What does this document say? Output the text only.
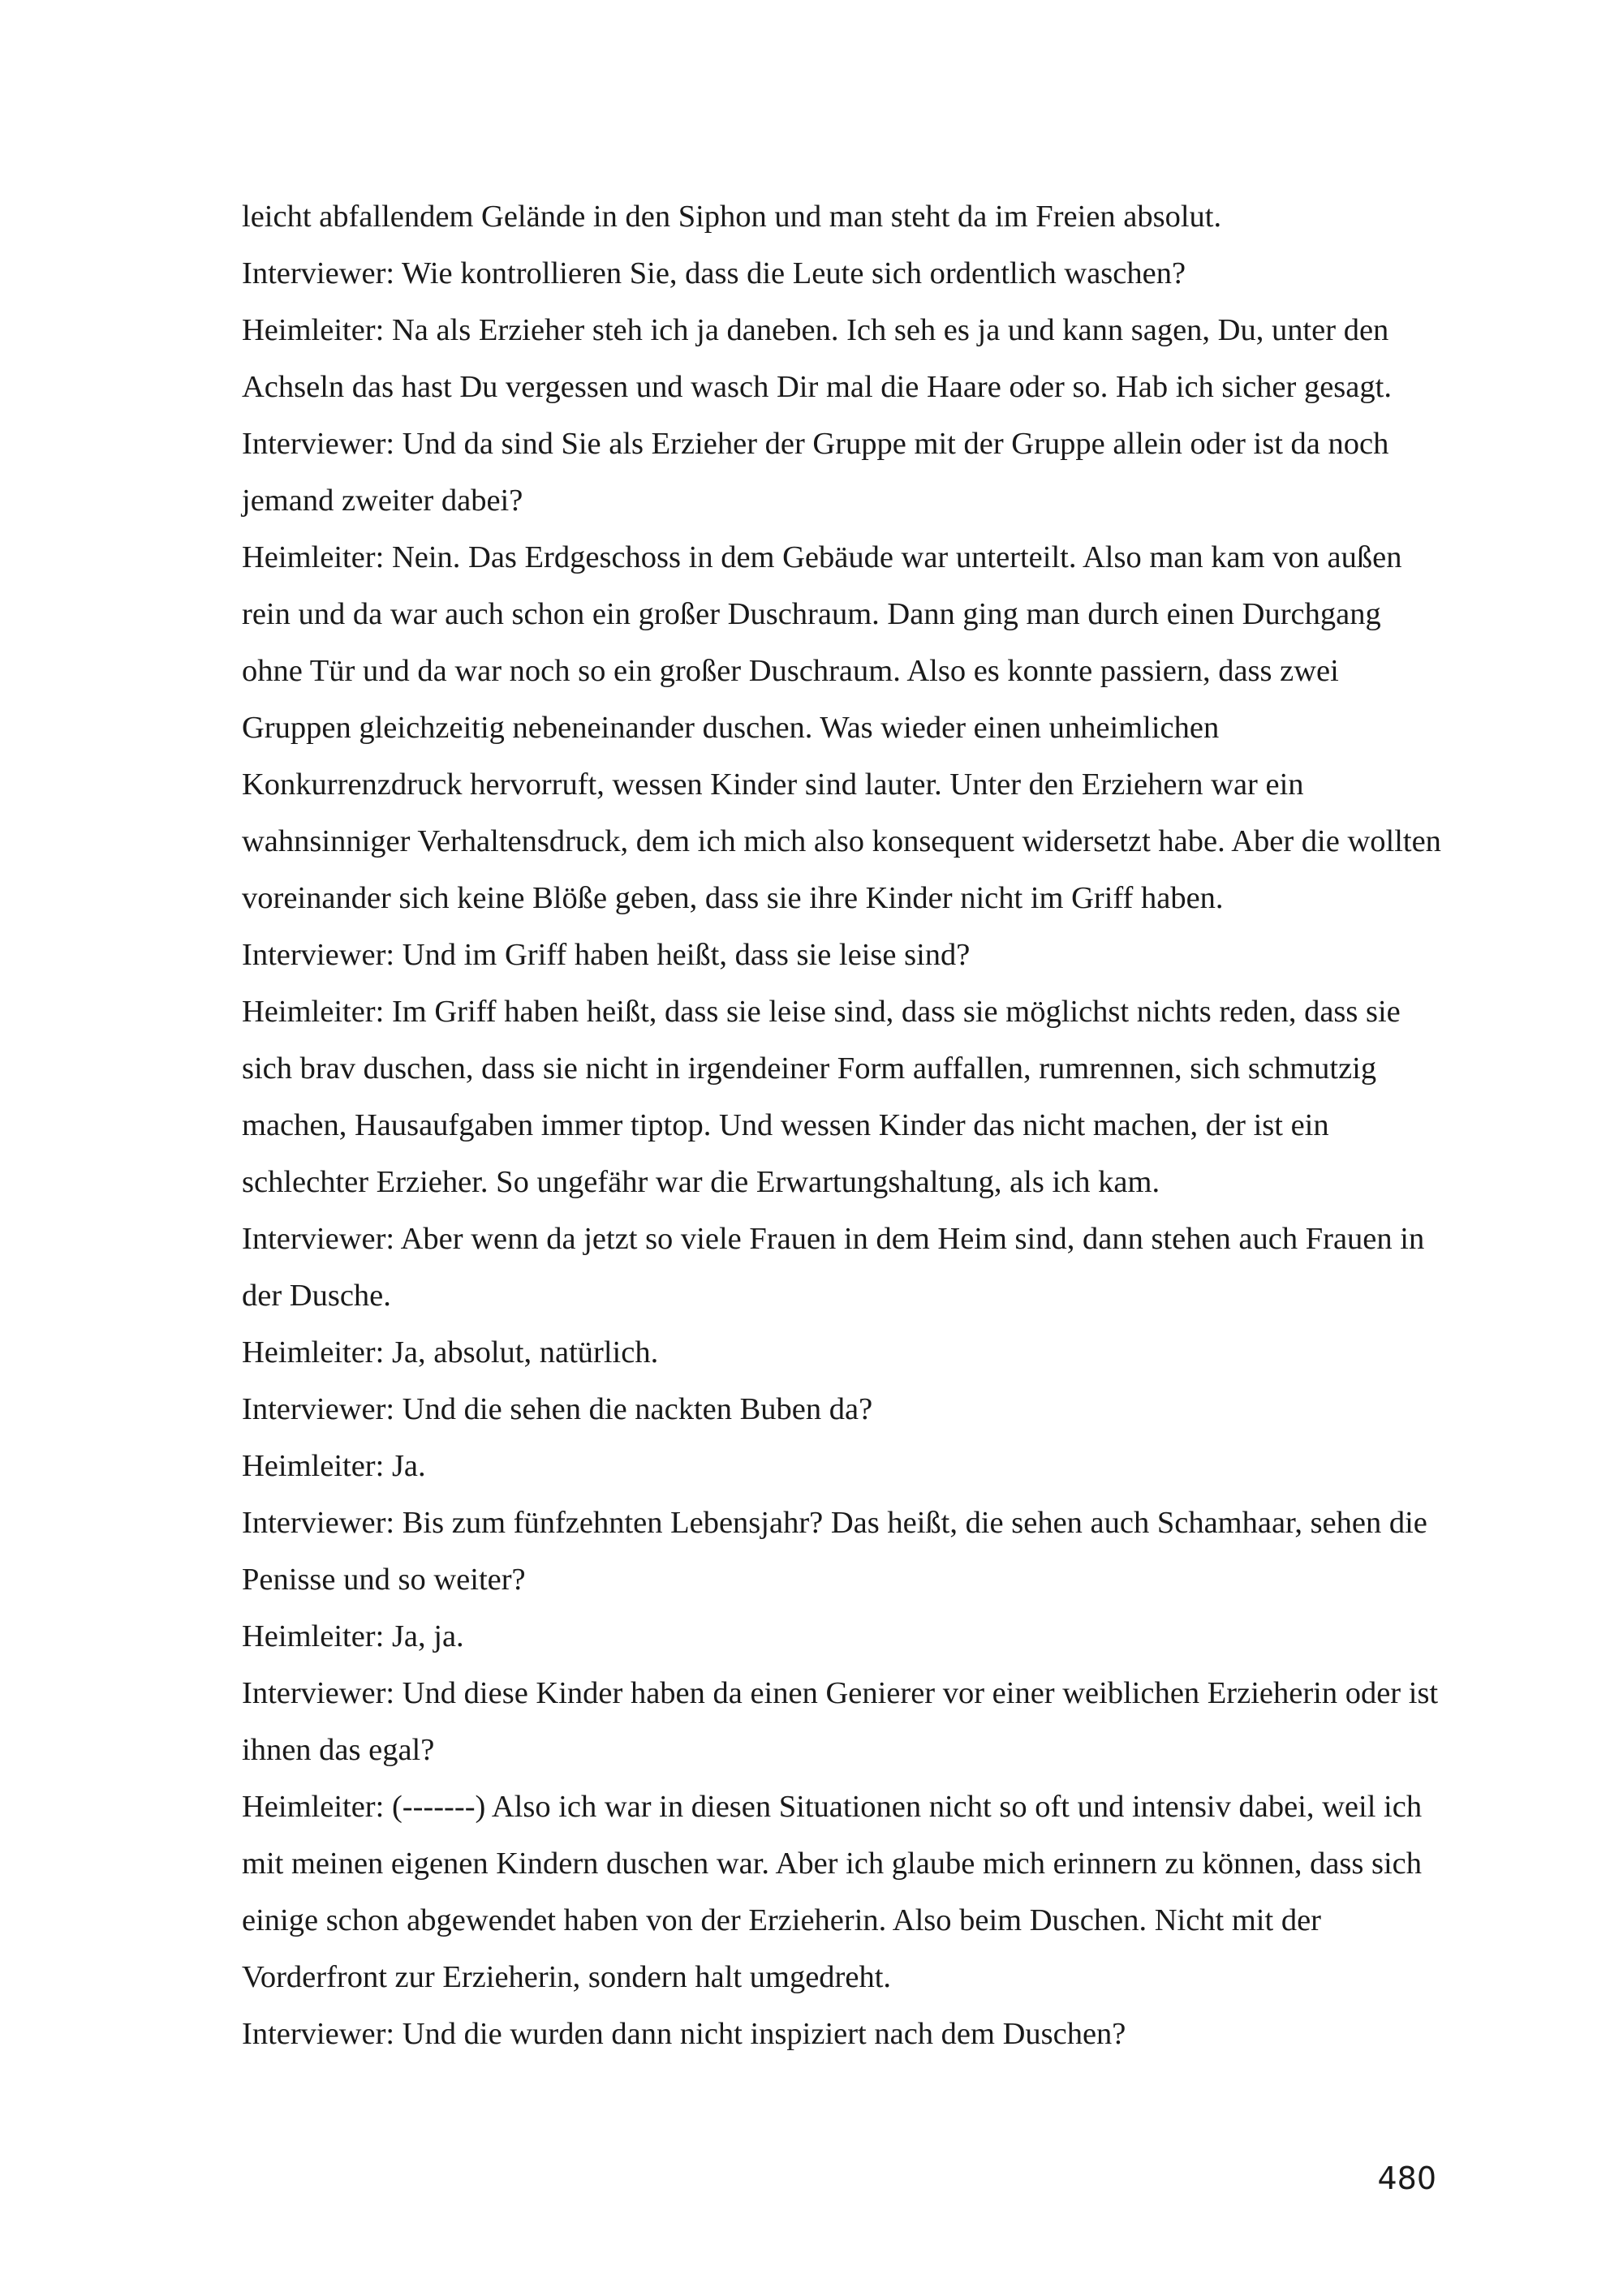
leicht abfallendem Gelände in den Siphon und man steht da im Freien absolut.

Interviewer: Wie kontrollieren Sie, dass die Leute sich ordentlich waschen?

Heimleiter: Na als Erzieher steh ich ja daneben. Ich seh es ja und kann sagen, Du, unter den Achseln das hast Du vergessen und wasch Dir mal die Haare oder so. Hab ich sicher gesagt.

Interviewer: Und da sind Sie als Erzieher der Gruppe mit der Gruppe allein oder ist da noch jemand zweiter dabei?

Heimleiter: Nein. Das Erdgeschoss in dem Gebäude war unterteilt. Also man kam von außen rein und da war auch schon ein großer Duschraum. Dann ging man durch einen Durchgang ohne Tür und da war noch so ein großer Duschraum. Also es konnte passiern, dass zwei Gruppen gleichzeitig nebeneinander duschen. Was wieder einen unheimlichen Konkurrenzdruck hervorruft, wessen Kinder sind lauter. Unter den Erziehern war ein wahnsinniger Verhaltensdruck, dem ich mich also konsequent widersetzt habe. Aber die wollten voreinander sich keine Blöße geben, dass sie ihre Kinder nicht im Griff haben.

Interviewer: Und im Griff haben heißt, dass sie leise sind?

Heimleiter: Im Griff haben heißt, dass sie leise sind, dass sie möglichst nichts reden, dass sie sich brav duschen, dass sie nicht in irgendeiner Form auffallen, rumrennen, sich schmutzig machen, Hausaufgaben immer tiptop. Und wessen Kinder das nicht machen, der ist ein schlechter Erzieher. So ungefähr war die Erwartungshaltung, als ich kam.

Interviewer: Aber wenn da jetzt so viele Frauen in dem Heim sind, dann stehen auch Frauen in der Dusche.

Heimleiter: Ja, absolut, natürlich.

Interviewer: Und die sehen die nackten Buben da?

Heimleiter: Ja.

Interviewer: Bis zum fünfzehnten Lebensjahr? Das heißt, die sehen auch Schamhaar, sehen die Penisse und so weiter?

Heimleiter: Ja, ja.

Interviewer: Und diese Kinder haben da einen Genierer vor einer weiblichen Erzieherin oder ist ihnen das egal?

Heimleiter: (-------) Also ich war in diesen Situationen nicht so oft und intensiv dabei, weil ich mit meinen eigenen Kindern duschen war. Aber ich glaube mich erinnern zu können, dass sich einige schon abgewendet haben von der Erzieherin. Also beim Duschen. Nicht mit der Vorderfront zur Erzieherin, sondern halt umgedreht.

Interviewer: Und die wurden dann nicht inspiziert nach dem Duschen?

480
